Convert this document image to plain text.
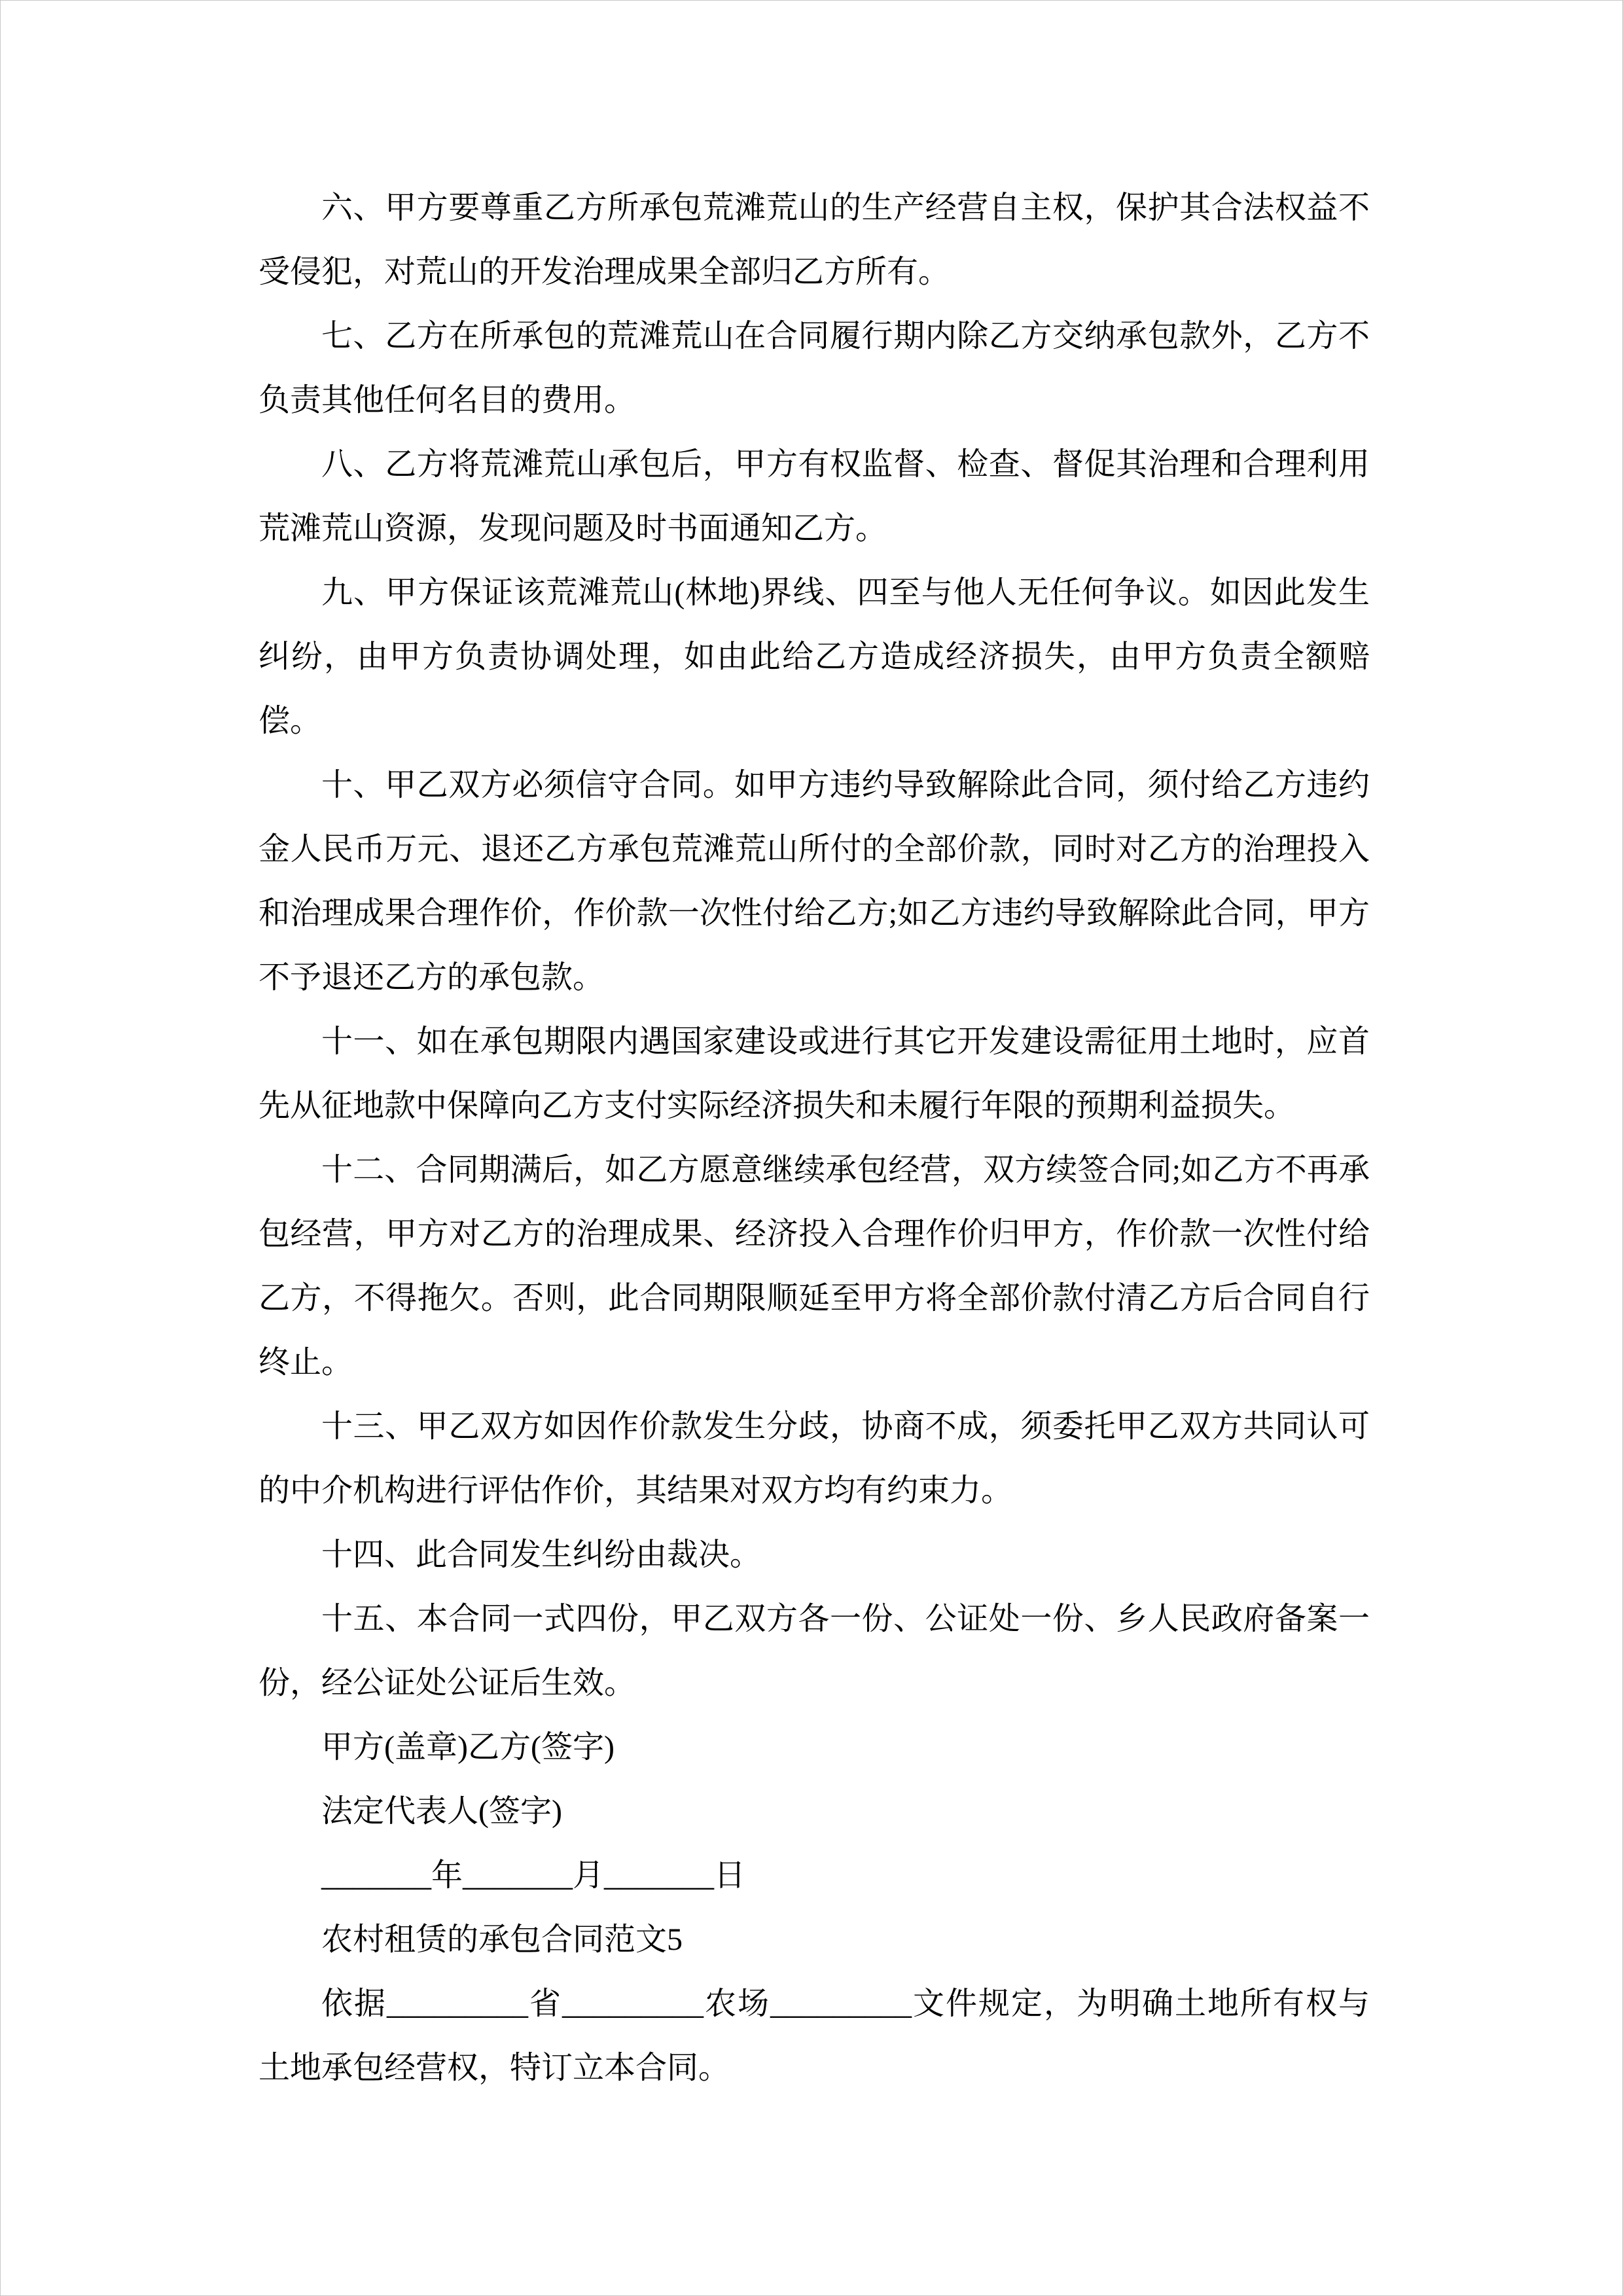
六、甲方要尊重乙方所承包荒滩荒山的生产经营自主权，保护其合法权益不受侵犯，对荒山的开发治理成果全部归乙方所有。

七、乙方在所承包的荒滩荒山在合同履行期内除乙方交纳承包款外，乙方不负责其他任何名目的费用。

八、乙方将荒滩荒山承包后，甲方有权监督、检查、督促其治理和合理利用荒滩荒山资源，发现问题及时书面通知乙方。

九、甲方保证该荒滩荒山(林地)界线、四至与他人无任何争议。如因此发生纠纷，由甲方负责协调处理，如由此给乙方造成经济损失，由甲方负责全额赔偿。

十、甲乙双方必须信守合同。如甲方违约导致解除此合同，须付给乙方违约金人民币万元、退还乙方承包荒滩荒山所付的全部价款，同时对乙方的治理投入和治理成果合理作价，作价款一次性付给乙方;如乙方违约导致解除此合同，甲方不予退还乙方的承包款。

十一、如在承包期限内遇国家建设或进行其它开发建设需征用土地时，应首先从征地款中保障向乙方支付实际经济损失和未履行年限的预期利益损失。

十二、合同期满后，如乙方愿意继续承包经营，双方续签合同;如乙方不再承包经营，甲方对乙方的治理成果、经济投入合理作价归甲方，作价款一次性付给乙方，不得拖欠。否则，此合同期限顺延至甲方将全部价款付清乙方后合同自行终止。

十三、甲乙双方如因作价款发生分歧，协商不成，须委托甲乙双方共同认可的中介机构进行评估作价，其结果对双方均有约束力。

十四、此合同发生纠纷由裁决。

十五、本合同一式四份，甲乙双方各一份、公证处一份、乡人民政府备案一份，经公证处公证后生效。

甲方(盖章)乙方(签字)

法定代表人(签字)

_______年_______月_______日

农村租赁的承包合同范文5

依据_________省_________农场_________文件规定，为明确土地所有权与土地承包经营权，特订立本合同。
